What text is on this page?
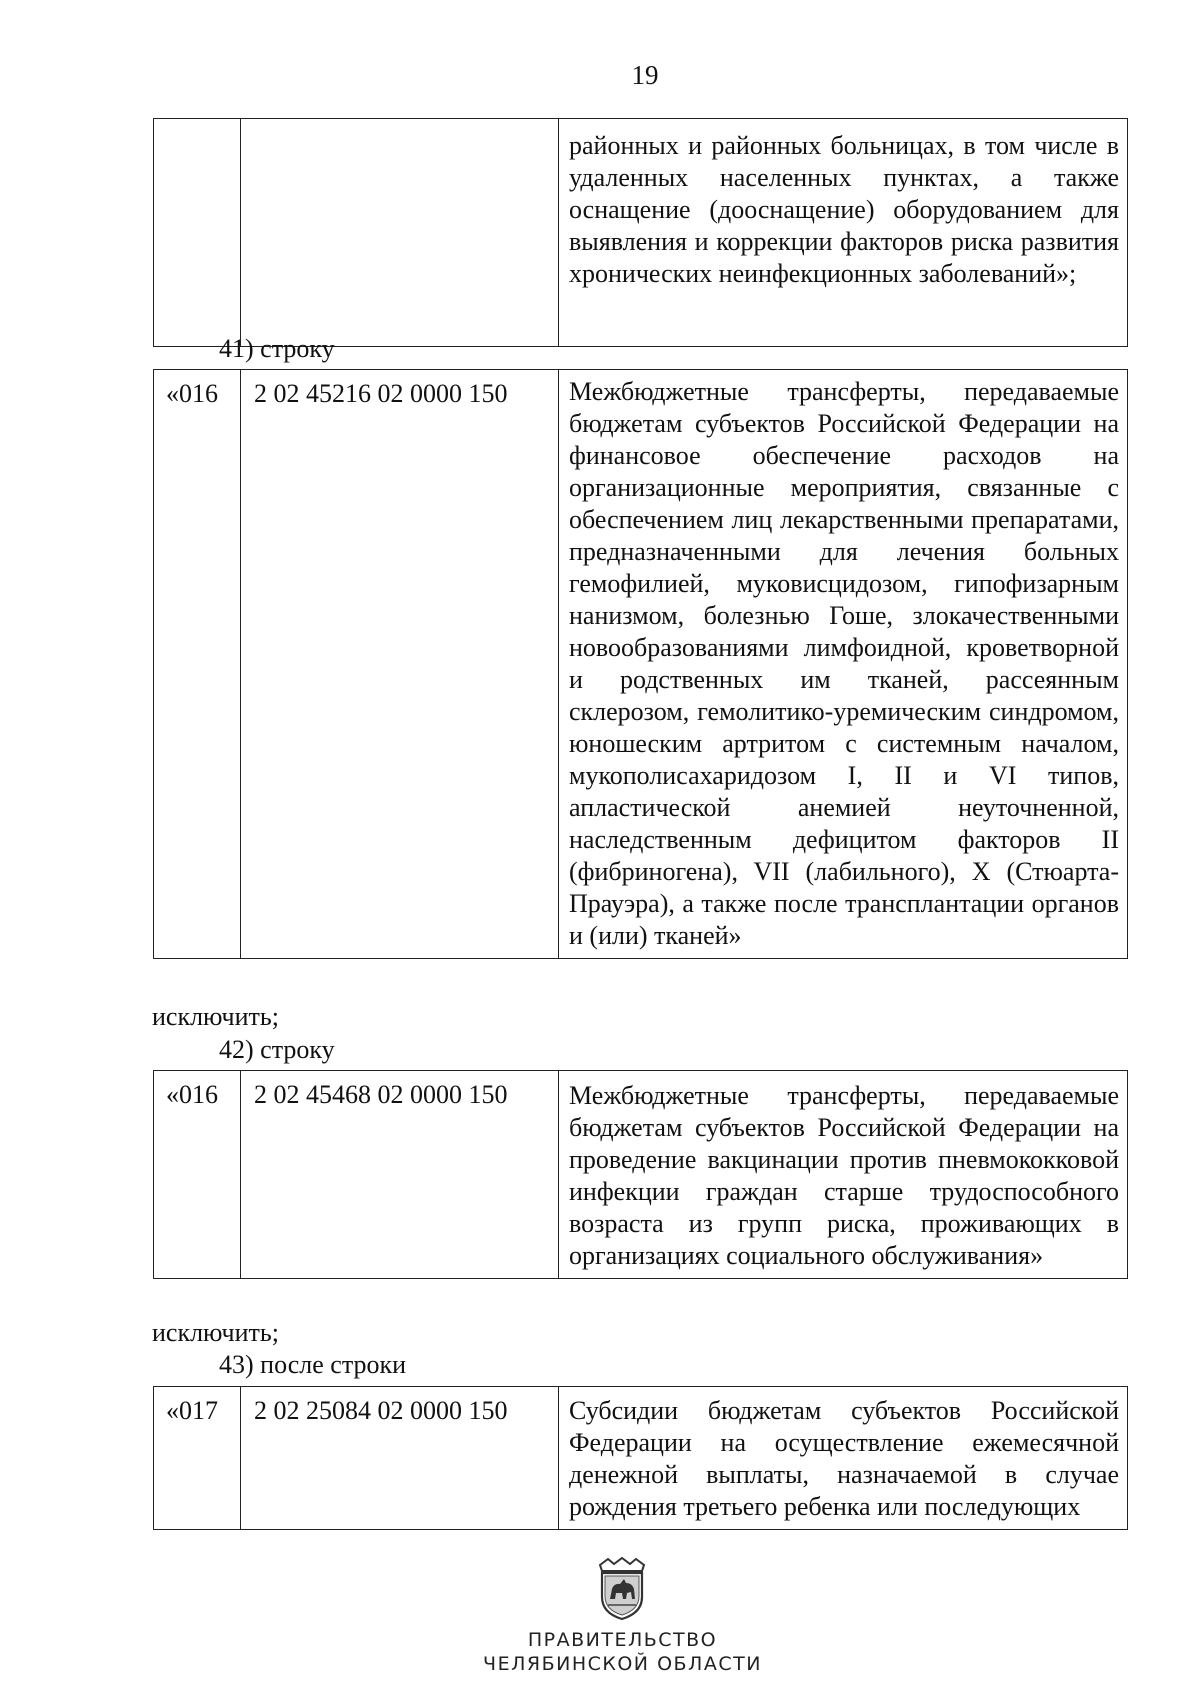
19
		районных и районных больницах, в том числе в удаленных населенных пунктах, а также оснащение (дооснащение) оборудованием для выявления и коррекции факторов риска развития хронических неинфекционных заболеваний»;
41) строку
«016	2 02 45216 02 0000 150	Межбюджетные трансферты, передаваемые бюджетам субъектов Российской Федерации на финансовое обеспечение расходов на организационные мероприятия, связанные с обеспечением лиц лекарственными препаратами, предназначенными для лечения больных гемофилией, муковисцидозом, гипофизарным нанизмом, болезнью Гоше, злокачественными новообразованиями лимфоидной, кроветворной и родственных им тканей, рассеянным склерозом, гемолитико-уремическим синдромом, юношеским артритом с системным началом, мукополисахаридозом I, II и VI типов, апластической анемией неуточненной, наследственным дефицитом факторов II (фибриногена), VII (лабильного), X (Стюарта-Прауэра), а также после трансплантации органов и (или) тканей»
исключить;
42) строку
«016	2 02 45468 02 0000 150	Межбюджетные трансферты, передаваемые бюджетам субъектов Российской Федерации на проведение вакцинации против пневмококковой инфекции граждан старше трудоспособного возраста из групп риска, проживающих в организациях социального обслуживания»
исключить;
43) после строки
«017	2 02 25084 02 0000 150	Субсидии бюджетам субъектов Российской Федерации на осуществление ежемесячной денежной выплаты, назначаемой в случае рождения третьего ребенка или последующих
ПРАВИТЕЛЬСТВО
ЧЕЛЯБИНСКОЙ ОБЛАСТИ
